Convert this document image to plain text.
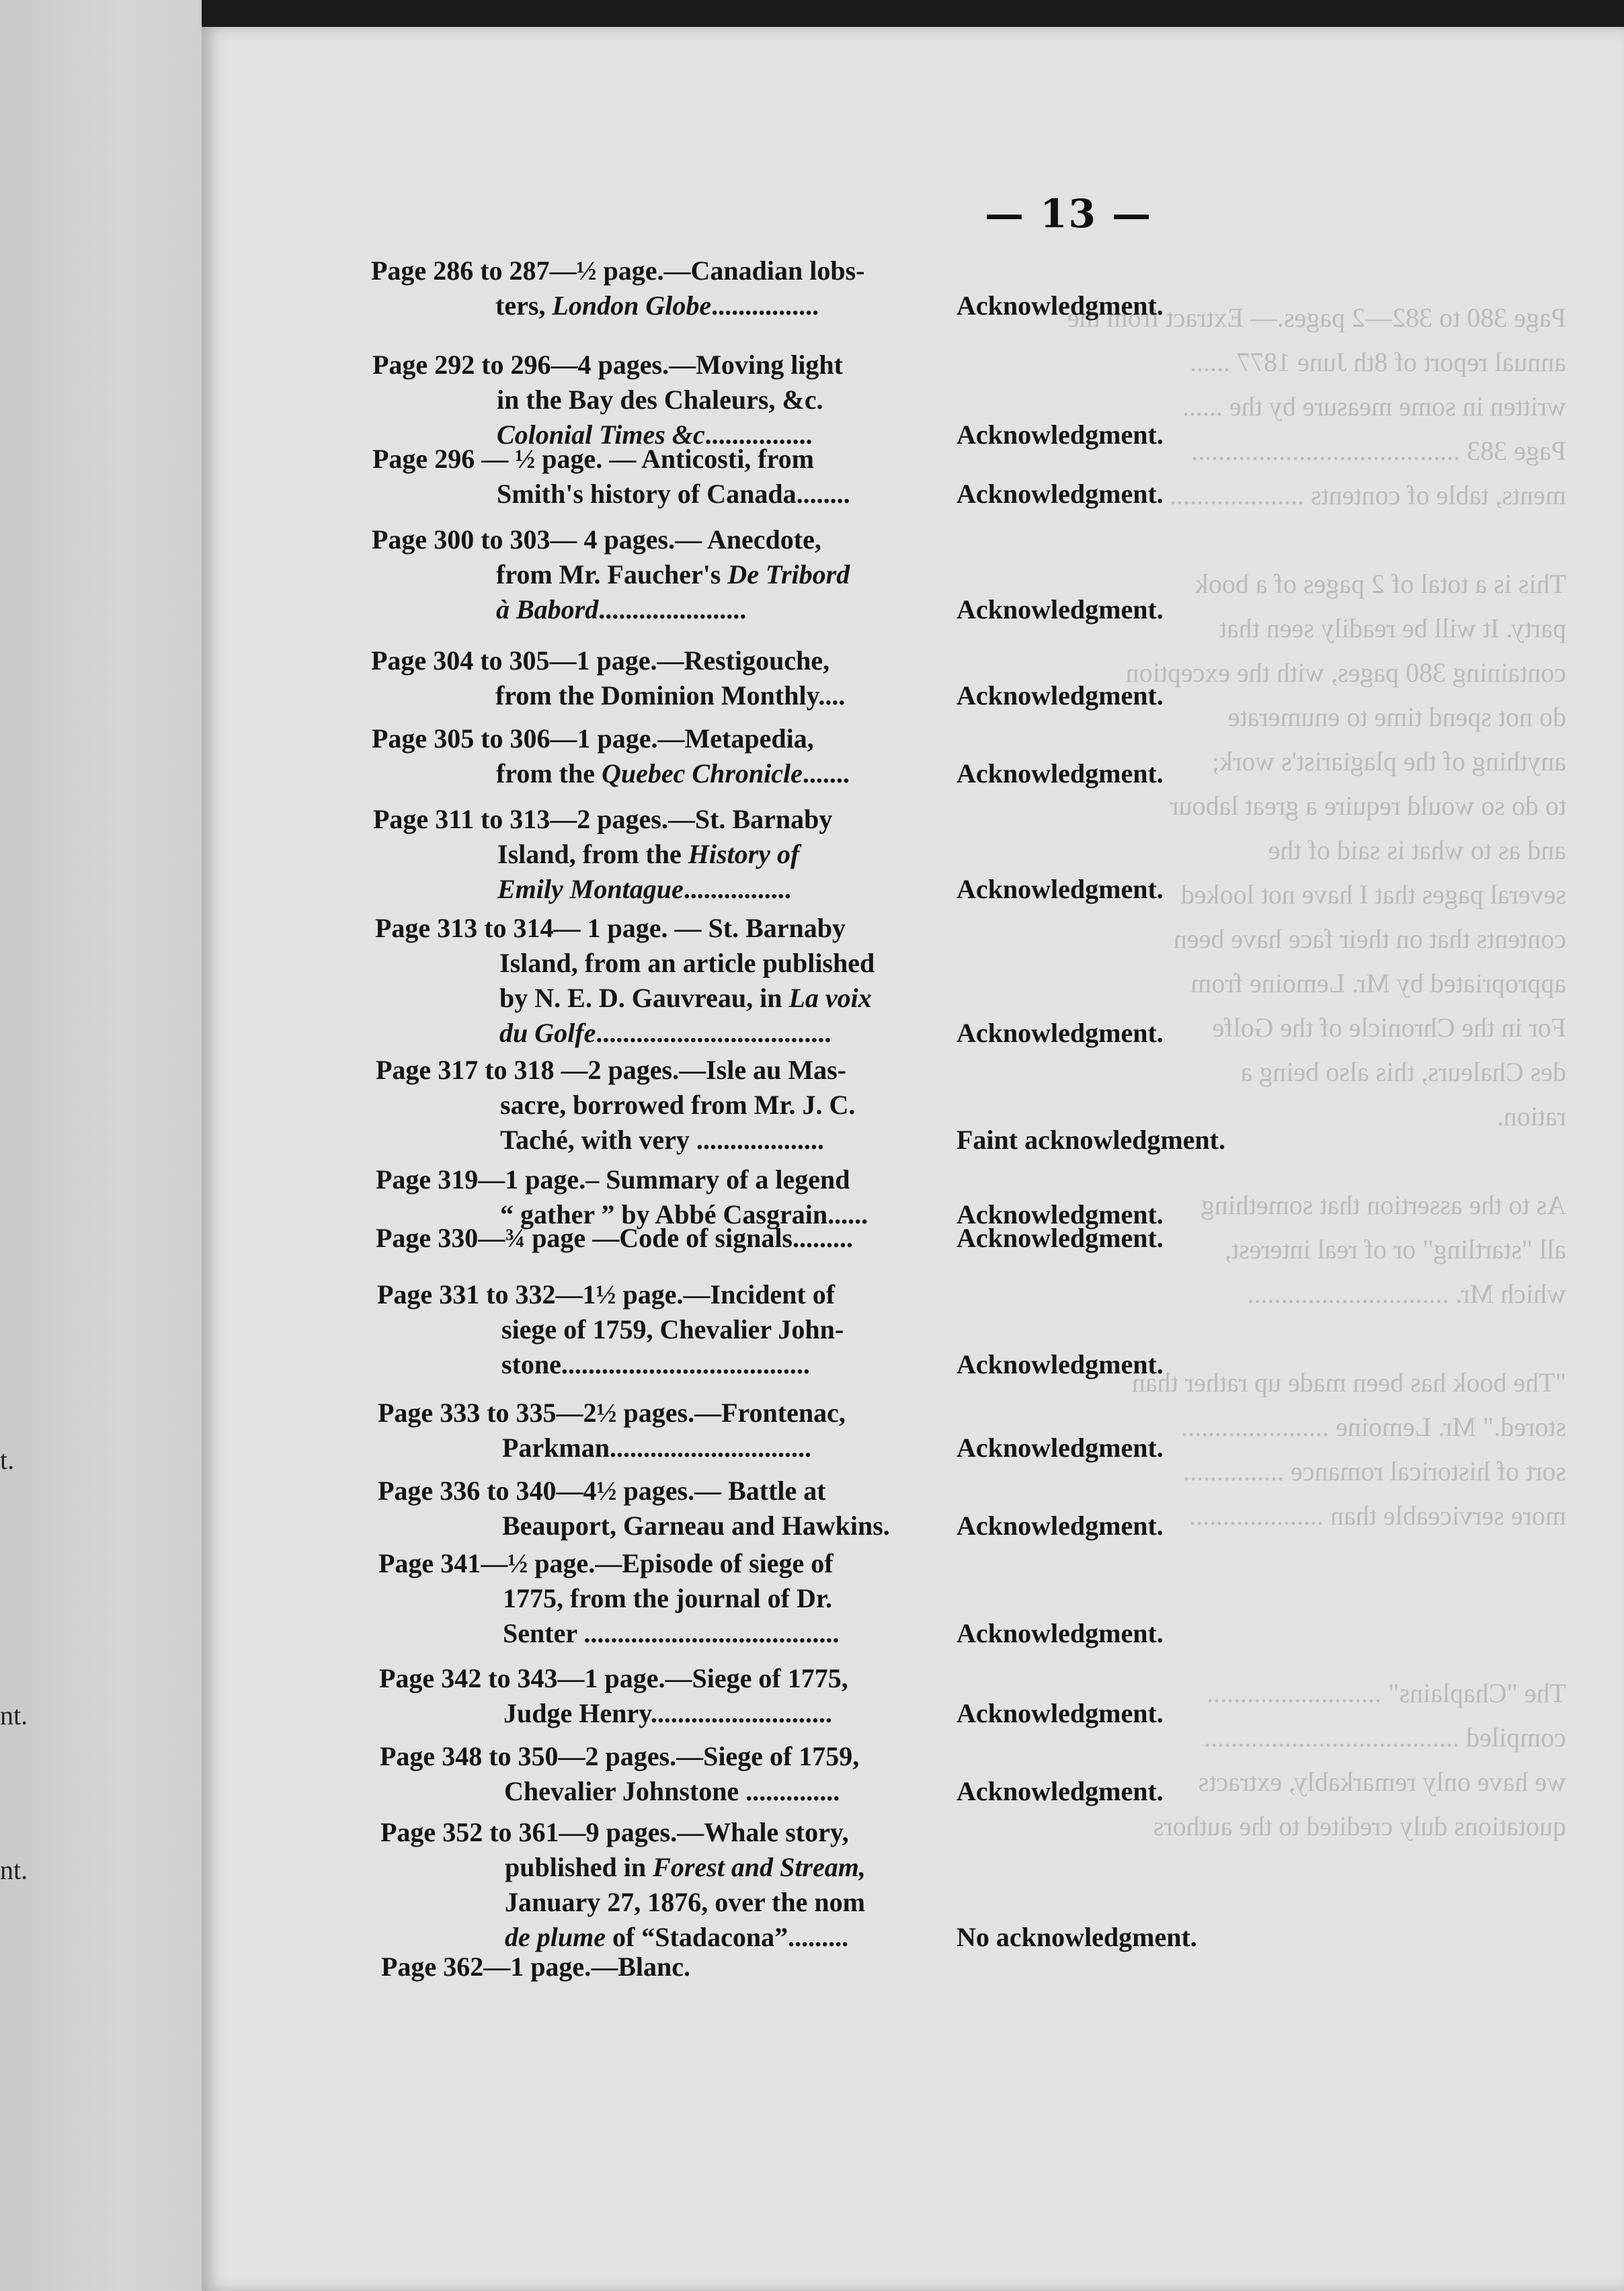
t.
nt.
nt.
Page 380 to 382—2 pages.— Extract from the
annual report of 8th June 1877 ......
written in some measure by the ......
Page 383 ........................................
ments, table of contents ....................

This is a total of 2 pages of a book
party. It will be readily seen that
containing 380 pages, with the exception
do not spend time to enumerate
anything of the plagiarist's work;
to do so would require a great labour
and as to what is said of the
several pages that I have not looked
contents that on their face have been
appropriated by Mr. Lemoine from
For in the Chronicle of the Golfe
des Chaleurs, this also being a
ration.

As to the assertion that something
all "startling" or of real interest,
which Mr. ..............................

"The book has been made up rather than
stored." Mr. Lemoine ......................
sort of historical romance ...............
more serviceable than ....................

The "Chaplains" ..........................
compiled ......................................
we have only remarkably, extracts
quotations duly credited to the authors
— 13 —
Page 286 to 287—½ page.—Canadian lobs-
ters, London Globe................	Acknowledgment.
Page 292 to 296—4 pages.—Moving light
in the Bay des Chaleurs, &c.
Colonial Times &c................	Acknowledgment.
Page 296 — ½ page. — Anticosti, from
Smith's history of Canada........	Acknowledgment.
Page 300 to 303— 4 pages.— Anecdote,
from Mr. Faucher's De Tribord
à Babord......................	Acknowledgment.
Page 304 to 305—1 page.—Restigouche,
from the Dominion Monthly....	Acknowledgment.
Page 305 to 306—1 page.—Metapedia,
from the Quebec Chronicle.......	Acknowledgment.
Page 311 to 313—2 pages.—St. Barnaby
Island, from the History of
Emily Montague................	Acknowledgment.
Page 313 to 314— 1 page. — St. Barnaby
Island, from an article published
by N. E. D. Gauvreau, in La voix
du Golfe...................................	Acknowledgment.
Page 317 to 318 —2 pages.—Isle au Mas-
sacre, borrowed from Mr. J. C.
Taché, with very ...................	Faint acknowledgment.
Page 319—1 page.– Summary of a legend
“ gather ” by Abbé Casgrain......	Acknowledgment.
Page 330—¾ page —Code of signals.........	Acknowledgment.
Page 331 to 332—1½ page.—Incident of
siege of 1759, Chevalier John-
stone.....................................	Acknowledgment.
Page 333 to 335—2½ pages.—Frontenac,
Parkman..............................	Acknowledgment.
Page 336 to 340—4½ pages.— Battle at
Beauport, Garneau and Hawkins. Acknowledgment.
Page 341—½ page.—Episode of siege of
1775, from the journal of Dr.
Senter ......................................	Acknowledgment.
Page 342 to 343—1 page.—Siege of 1775,
Judge Henry...........................	Acknowledgment.
Page 348 to 350—2 pages.—Siege of 1759,
Chevalier Johnstone ..............	Acknowledgment.
Page 352 to 361—9 pages.—Whale story,
published in Forest and Stream,
January 27, 1876, over the nom
de plume of “Stadacona”.........	No acknowledgment.
Page 362—1 page.—Blanc.
